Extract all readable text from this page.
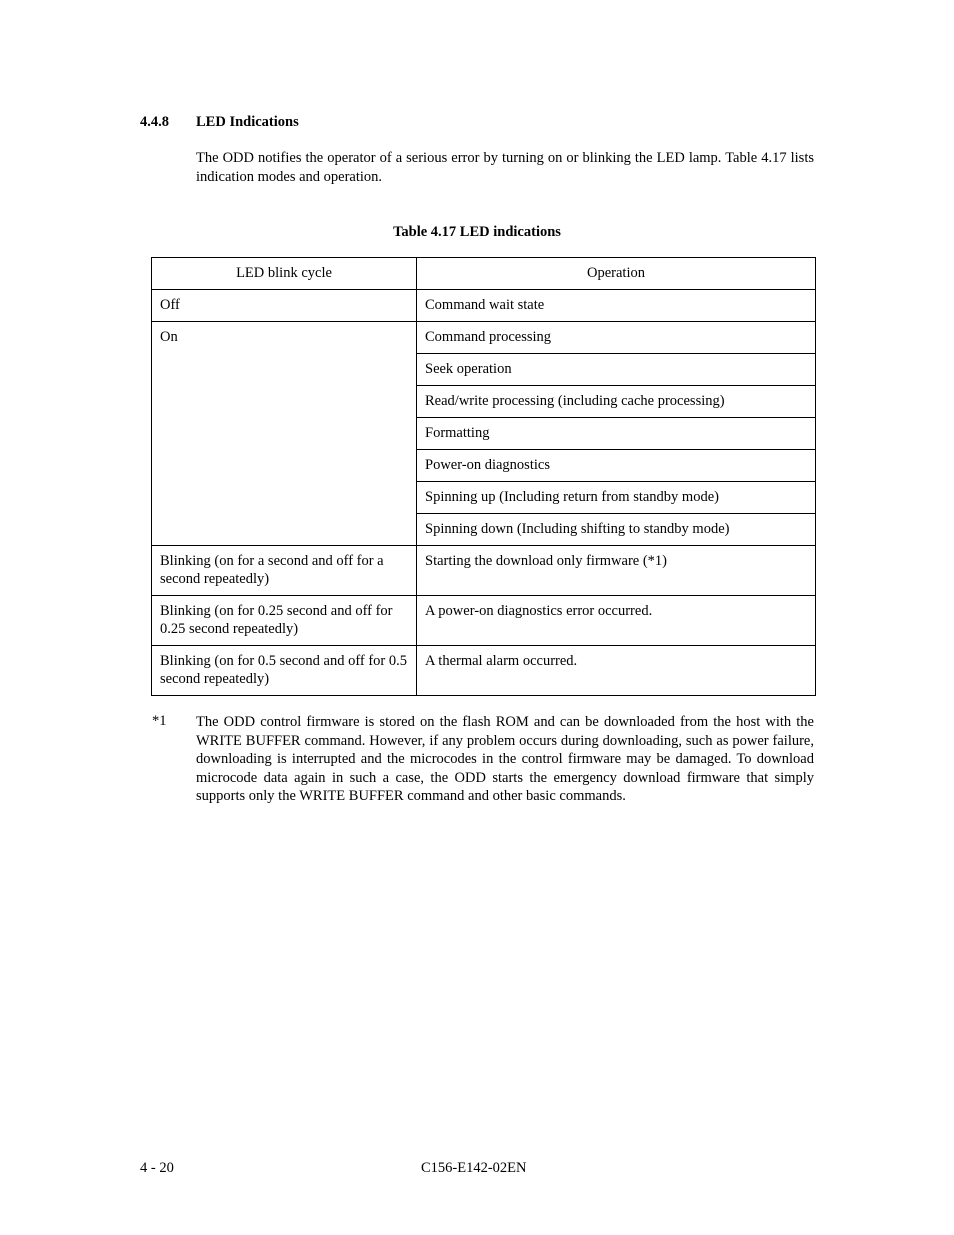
4.4.8 LED Indications
The ODD notifies the operator of a serious error by turning on or blinking the LED lamp. Table 4.17 lists indication modes and operation.
Table 4.17 LED indications
LED blink cycle	Operation
Off	Command wait state
On	Command processing
	Seek operation
	Read/write processing (including cache processing)
	Formatting
	Power-on diagnostics
	Spinning up (Including return from standby mode)
	Spinning down (Including shifting to standby mode)
Blinking (on for a second and off for a second repeatedly)	Starting the download only firmware (*1)
Blinking (on for 0.25 second and off for 0.25 second repeatedly)	A power-on diagnostics error occurred.
Blinking (on for 0.5 second and off for 0.5 second repeatedly)	A thermal alarm occurred.
*1 The ODD control firmware is stored on the flash ROM and can be downloaded from the host with the WRITE BUFFER command. However, if any problem occurs during downloading, such as power failure, downloading is interrupted and the microcodes in the control firmware may be damaged. To download microcode data again in such a case, the ODD starts the emergency download firmware that simply supports only the WRITE BUFFER command and other basic commands.
4 - 20	C156-E142-02EN
